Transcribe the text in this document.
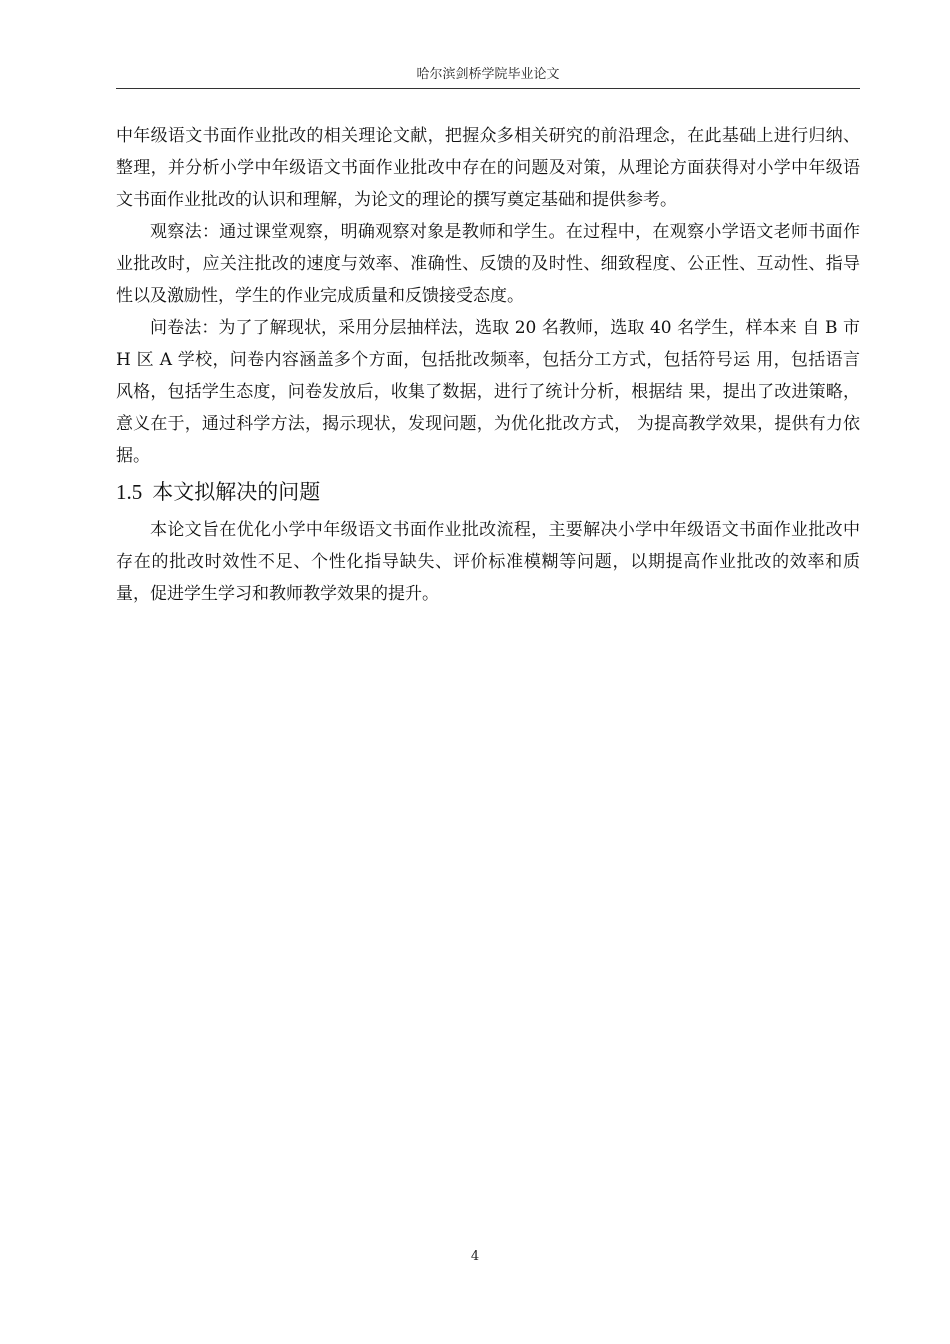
哈尔滨剑桥学院毕业论文

中年级语文书面作业批改的相关理论文献，把握众多相关研究的前沿理念，在此基础上进行归纳、整理，并分析小学中年级语文书面作业批改中存在的问题及对策，从理论方面获得对小学中年级语文书面作业批改的认识和理解，为论文的理论的撰写奠定基础和提供参考。

观察法：通过课堂观察，明确观察对象是教师和学生。在过程中，在观察小学语文老师书面作业批改时，应关注批改的速度与效率、准确性、反馈的及时性、细致程度、公正性、互动性、指导性以及激励性，学生的作业完成质量和反馈接受态度。

问卷法：为了了解现状，采用分层抽样法，选取 20 名教师，选取 40 名学生，样本来 自 B 市 H 区 A 学校，问卷内容涵盖多个方面，包括批改频率，包括分工方式，包括符号运 用，包括语言风格，包括学生态度，问卷发放后，收集了数据，进行了统计分析，根据结 果，提出了改进策略，意义在于，通过科学方法，揭示现状，发现问题，为优化批改方式， 为提高教学效果，提供有力依据。

1.5 本文拟解决的问题

本论文旨在优化小学中年级语文书面作业批改流程，主要解决小学中年级语文书面作业批改中存在的批改时效性不足、个性化指导缺失、评价标准模糊等问题，以期提高作业批改的效率和质量，促进学生学习和教师教学效果的提升。

4
